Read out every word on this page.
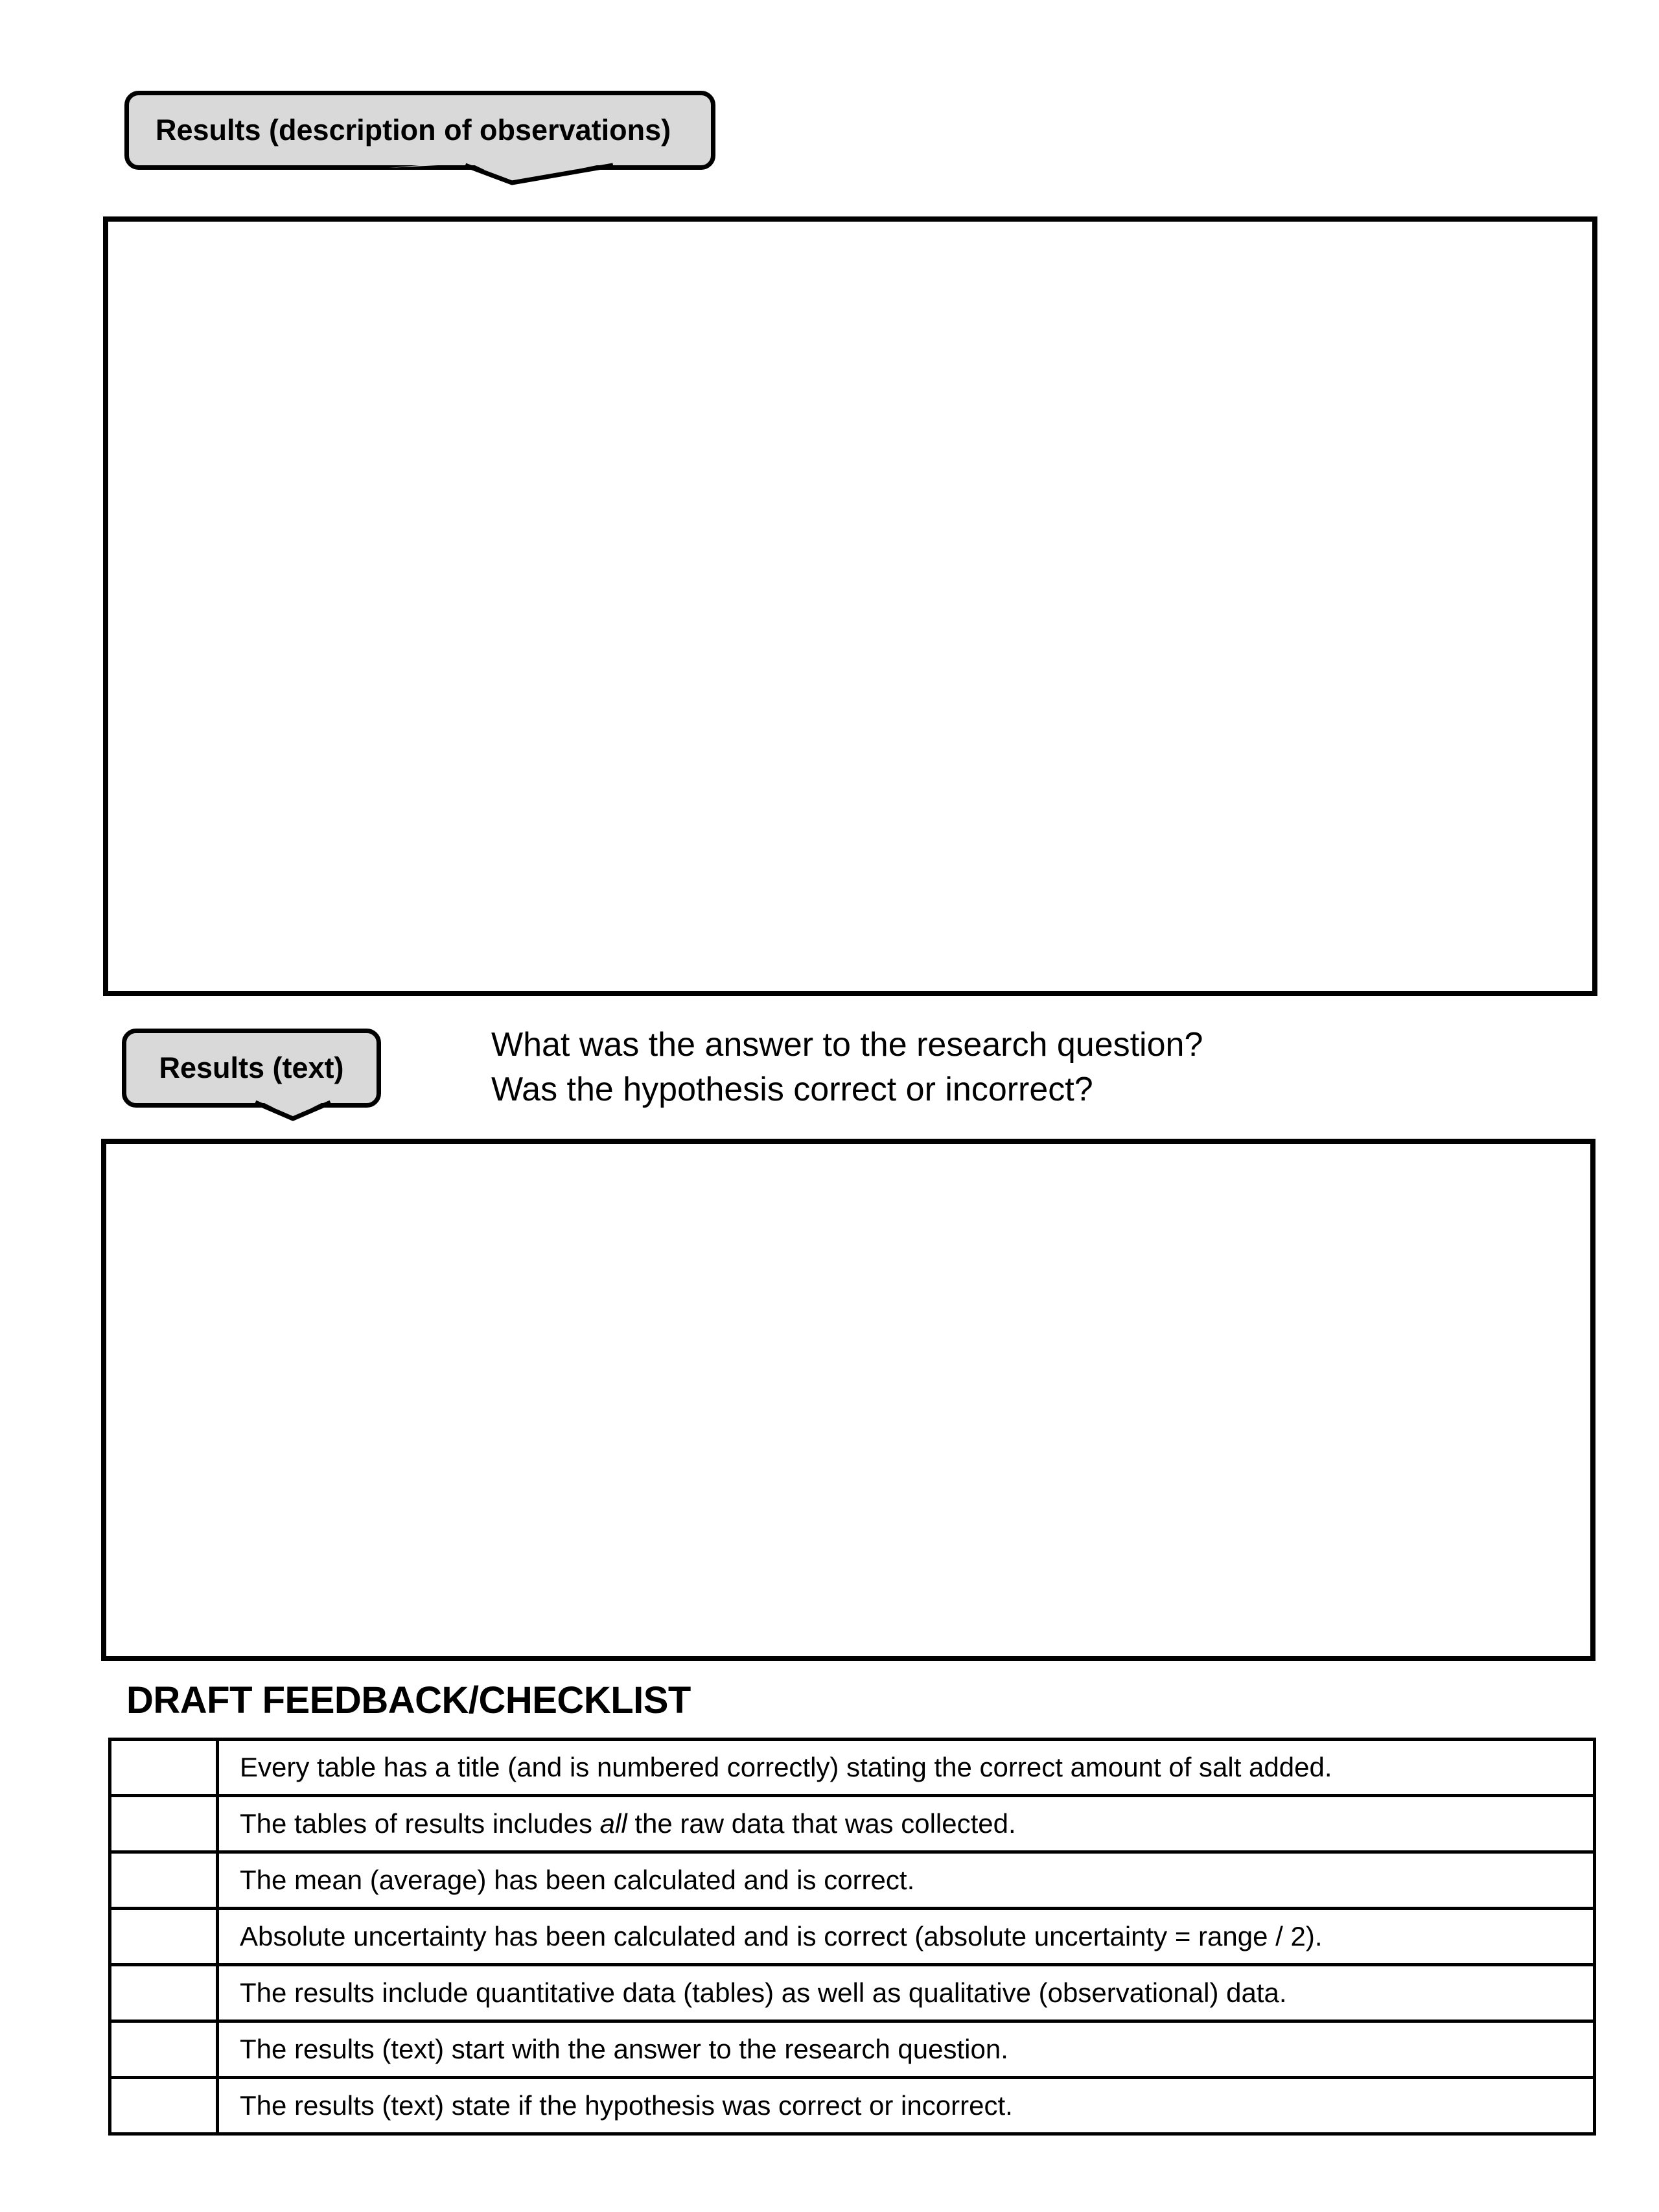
Results (description of observations)
Results (text)
What was the answer to the research question?
Was the hypothesis correct or incorrect?
DRAFT FEEDBACK/CHECKLIST
	Every table has a title (and is numbered correctly) stating the correct amount of salt added.
	The tables of results includes all the raw data that was collected.
	The mean (average) has been calculated and is correct.
	Absolute uncertainty has been calculated and is correct (absolute uncertainty = range / 2).
	The results include quantitative data (tables) as well as qualitative (observational) data.
	The results (text) start with the answer to the research question.
	The results (text) state if the hypothesis was correct or incorrect.
